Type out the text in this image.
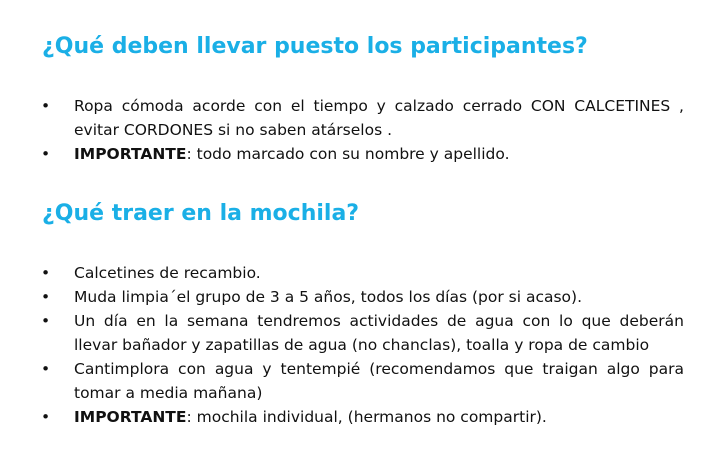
¿Qué deben llevar puesto los participantes?
• Ropa cómoda acorde con el tiempo y calzado cerrado CON CALCETINES , evitar CORDONES si no saben atárselos .
• IMPORTANTE: todo marcado con su nombre y apellido.
¿Qué traer en la mochila?
• Calcetines de recambio.
• Muda limpia´el grupo de 3 a 5 años, todos los días (por si acaso).
• Un día en la semana tendremos actividades de agua con lo que deberán llevar bañador y zapatillas de agua (no chanclas), toalla y ropa de cambio
• Cantimplora con agua y tentempié (recomendamos que traigan algo para tomar a media mañana)
• IMPORTANTE: mochila individual, (hermanos no compartir).
